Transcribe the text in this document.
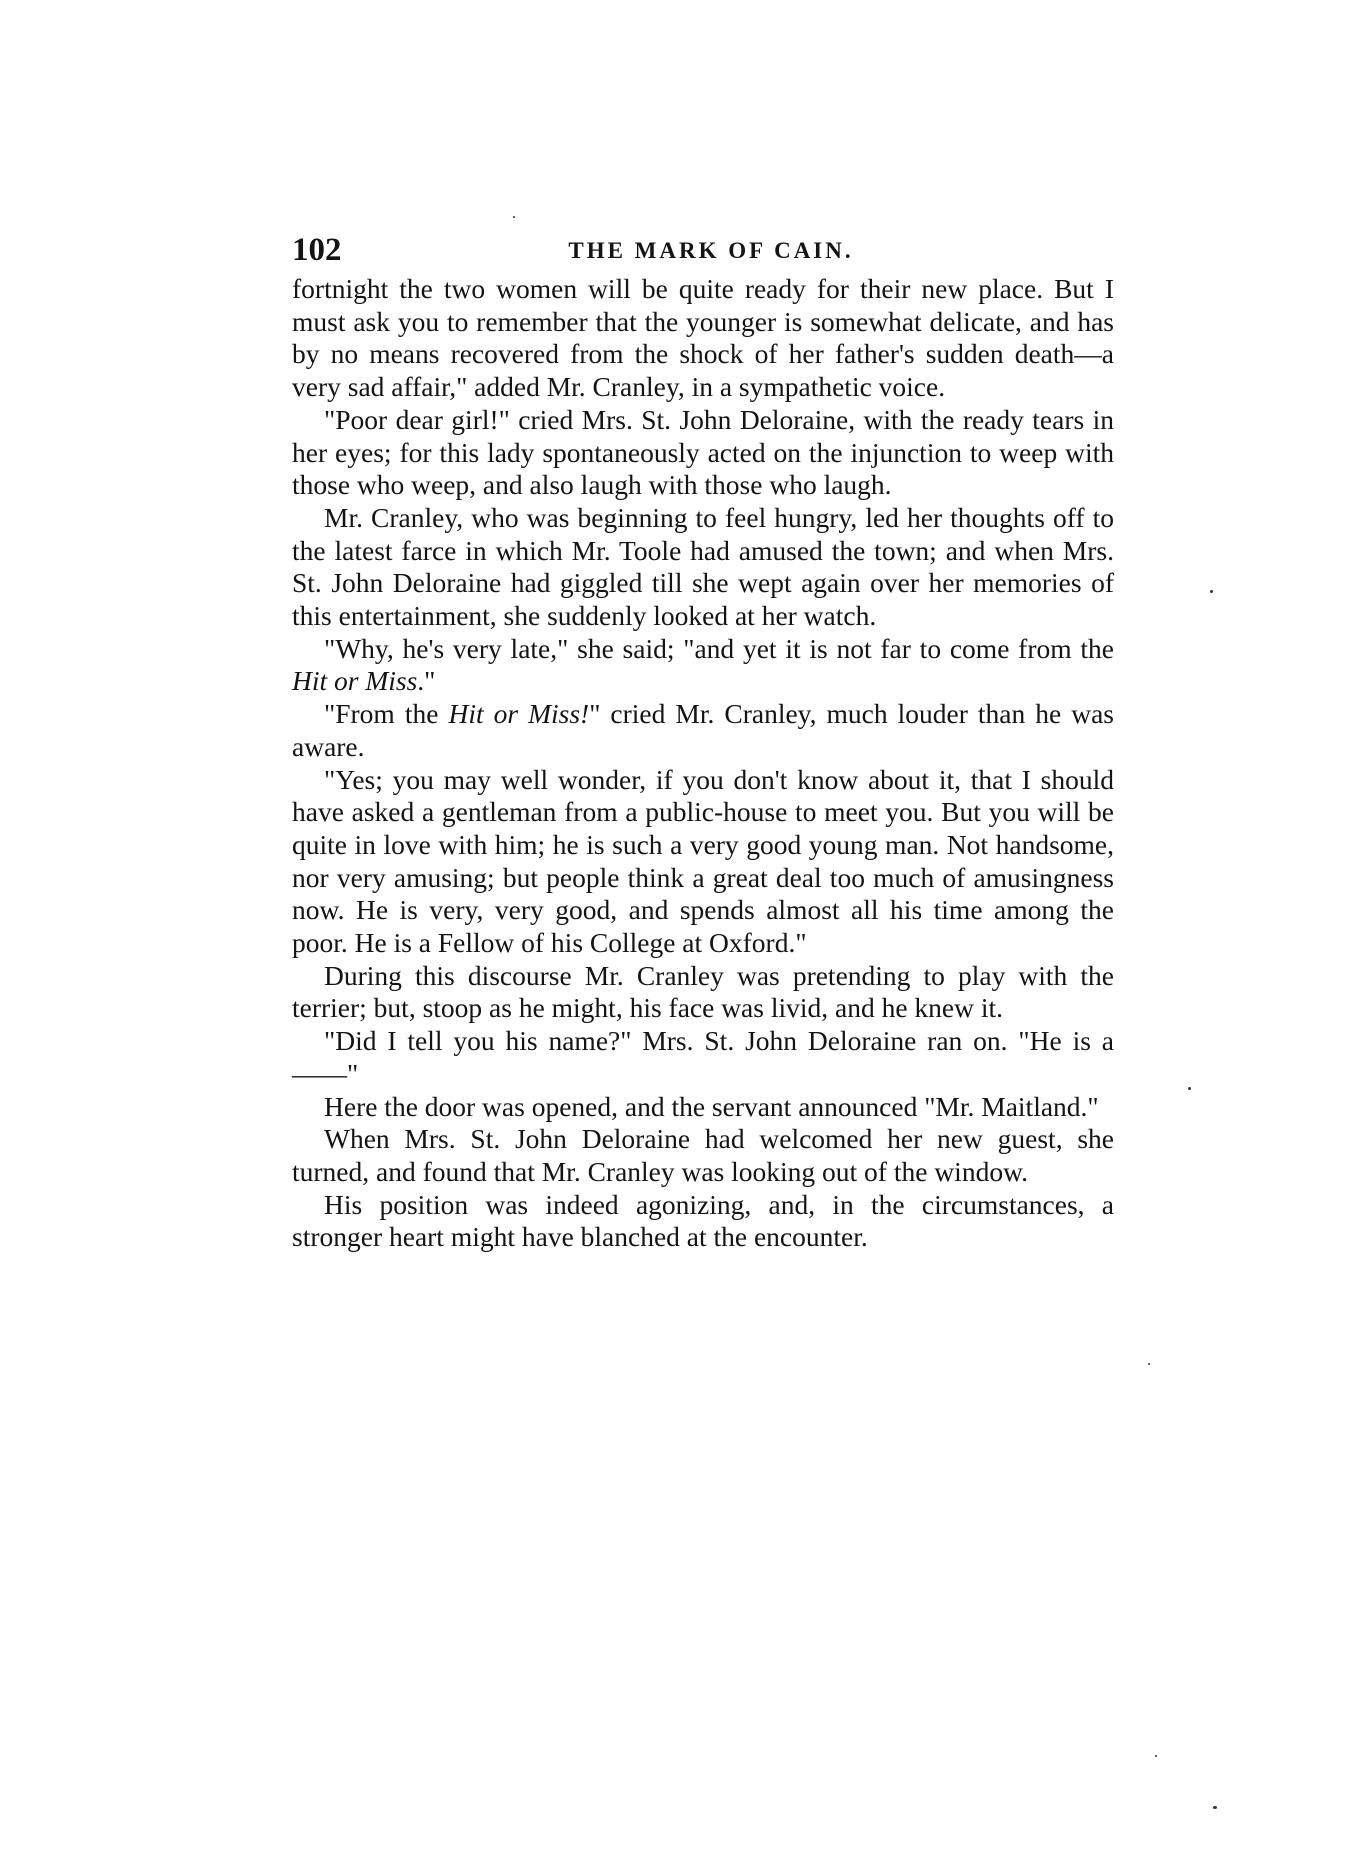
102	THE MARK OF CAIN.

fortnight the two women will be quite ready for their new place. But I must ask you to remember that the younger is somewhat delicate, and has by no means recovered from the shock of her father's sudden death—a very sad affair," added Mr. Cranley, in a sympathetic voice.

"Poor dear girl!" cried Mrs. St. John Deloraine, with the ready tears in her eyes; for this lady spontaneously acted on the injunction to weep with those who weep, and also laugh with those who laugh.

Mr. Cranley, who was beginning to feel hungry, led her thoughts off to the latest farce in which Mr. Toole had amused the town; and when Mrs. St. John Deloraine had giggled till she wept again over her memories of this entertainment, she suddenly looked at her watch.

"Why, he's very late," she said; "and yet it is not far to come from the Hit or Miss."

"From the Hit or Miss!" cried Mr. Cranley, much louder than he was aware.

"Yes; you may well wonder, if you don't know about it, that I should have asked a gentleman from a public-house to meet you. But you will be quite in love with him; he is such a very good young man. Not handsome, nor very amusing; but people think a great deal too much of amusingness now. He is very, very good, and spends almost all his time among the poor. He is a Fellow of his College at Oxford."

During this discourse Mr. Cranley was pretending to play with the terrier; but, stoop as he might, his face was livid, and he knew it.

"Did I tell you his name?" Mrs. St. John Deloraine ran on. "He is a——"

Here the door was opened, and the servant announced "Mr. Maitland."

When Mrs. St. John Deloraine had welcomed her new guest, she turned, and found that Mr. Cranley was looking out of the window.

His position was indeed agonizing, and, in the circumstances, a stronger heart might have blanched at the encounter.
